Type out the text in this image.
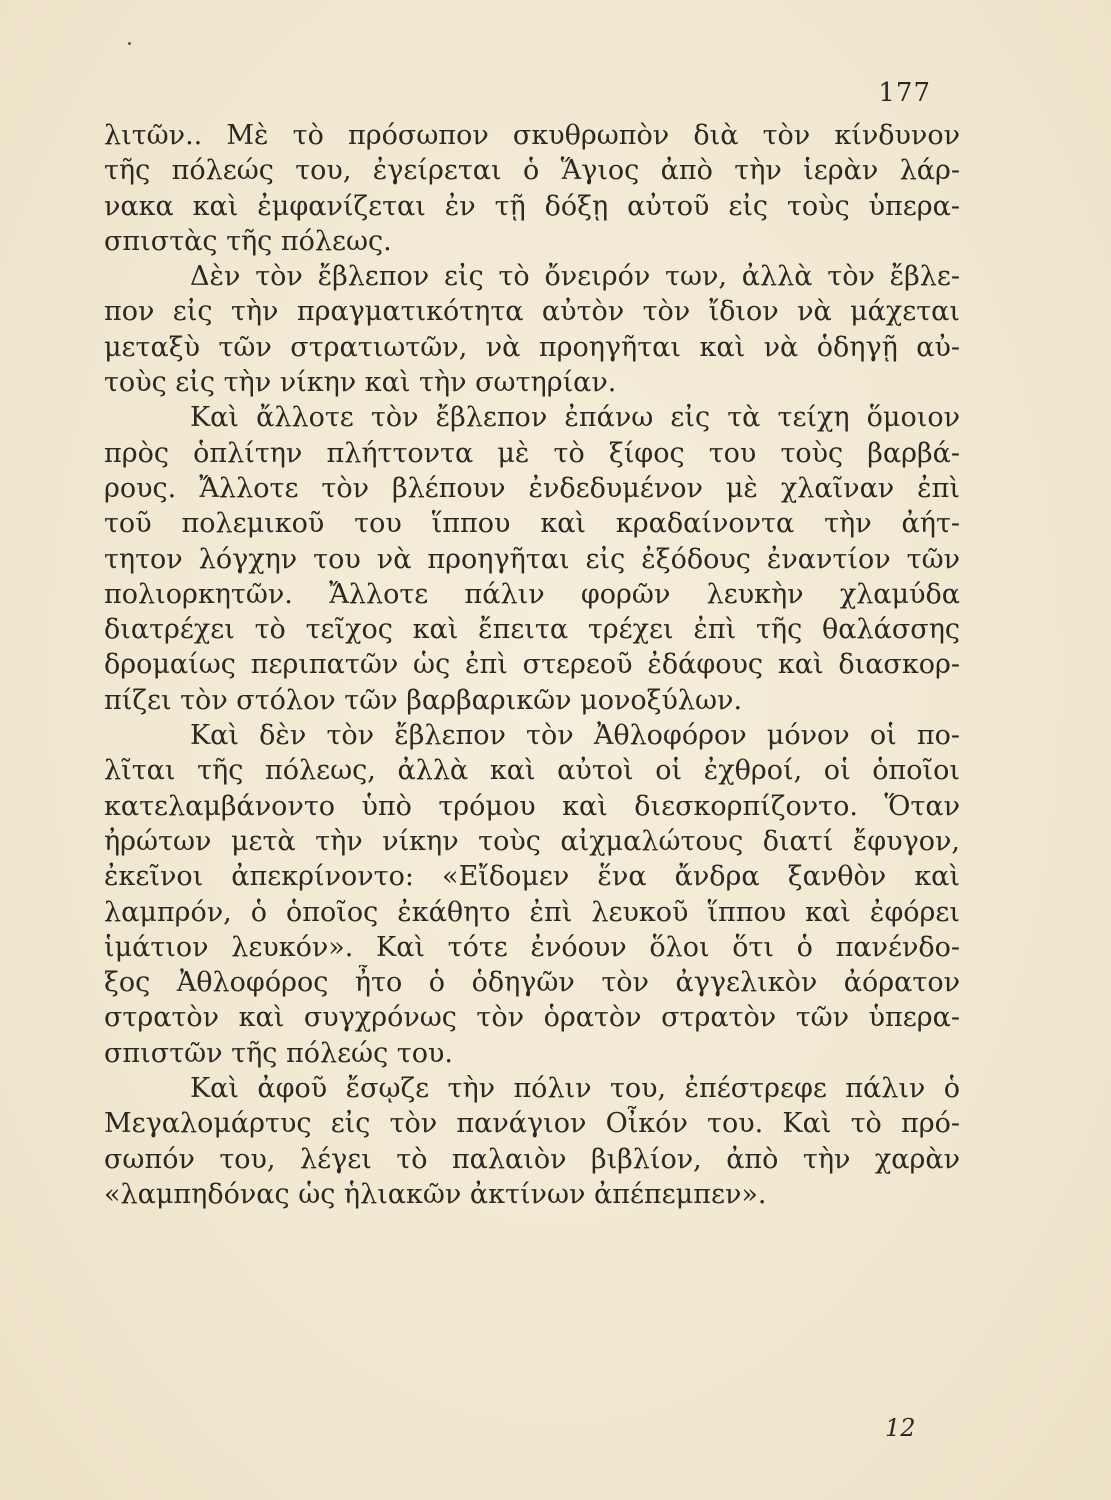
177
λιτῶν.. Μὲ τὸ πρόσωπον σκυθρωπὸν διὰ τὸν κίνδυνον
τῆς πόλεώς του, ἐγείρεται ὁ Ἅγιος ἀπὸ τὴν ἱερὰν λάρ-
νακα καὶ ἐμφανίζεται ἐν τῇ δόξῃ αὐτοῦ εἰς τοὺς ὑπερα-
σπιστὰς τῆς πόλεως.
Δὲν τὸν ἔβλεπον εἰς τὸ ὄνειρόν των, ἀλλὰ τὸν ἔβλε-
πον εἰς τὴν πραγματικότητα αὐτὸν τὸν ἴδιον νὰ μάχεται
μεταξὺ τῶν στρατιωτῶν, νὰ προηγῆται καὶ νὰ ὁδηγῇ αὐ-
τοὺς εἰς τὴν νίκην καὶ τὴν σωτηρίαν.
Καὶ ἄλλοτε τὸν ἔβλεπον ἐπάνω εἰς τὰ τείχη ὅμοιον
πρὸς ὁπλίτην πλήττοντα μὲ τὸ ξίφος του τοὺς βαρβά-
ρους. Ἄλλοτε τὸν βλέπουν ἐνδεδυμένον μὲ χλαῖναν ἐπὶ
τοῦ πολεμικοῦ του ἵππου καὶ κραδαίνοντα τὴν ἀήτ-
τητον λόγχην του νὰ προηγῆται εἰς ἐξόδους ἐναντίον τῶν
πολιορκητῶν. Ἄλλοτε πάλιν φορῶν λευκὴν χλαμύδα
διατρέχει τὸ τεῖχος καὶ ἔπειτα τρέχει ἐπὶ τῆς θαλάσσης
δρομαίως περιπατῶν ὡς ἐπὶ στερεοῦ ἐδάφους καὶ διασκορ-
πίζει τὸν στόλον τῶν βαρβαρικῶν μονοξύλων.
Καὶ δὲν τὸν ἔβλεπον τὸν Ἀθλοφόρον μόνον οἱ πο-
λῖται τῆς πόλεως, ἀλλὰ καὶ αὐτοὶ οἱ ἐχθροί, οἱ ὁποῖοι
κατελαμβάνοντο ὑπὸ τρόμου καὶ διεσκορπίζοντο. Ὅταν
ἠρώτων μετὰ τὴν νίκην τοὺς αἰχμαλώτους διατί ἔφυγον,
ἐκεῖνοι ἀπεκρίνοντο: «Εἴδομεν ἕνα ἄνδρα ξανθὸν καὶ
λαμπρόν, ὁ ὁποῖος ἐκάθητο ἐπὶ λευκοῦ ἵππου καὶ ἐφόρει
ἱμάτιον λευκόν». Καὶ τότε ἐνόουν ὅλοι ὅτι ὁ πανένδο-
ξος Ἀθλοφόρος ἦτο ὁ ὁδηγῶν τὸν ἀγγελικὸν ἀόρατον
στρατὸν καὶ συγχρόνως τὸν ὁρατὸν στρατὸν τῶν ὑπερα-
σπιστῶν τῆς πόλεώς του.
Καὶ ἀφοῦ ἔσῳζε τὴν πόλιν του, ἐπέστρεφε πάλιν ὁ
Μεγαλομάρτυς εἰς τὸν πανάγιον Οἶκόν του. Καὶ τὸ πρό-
σωπόν του, λέγει τὸ παλαιὸν βιβλίον, ἀπὸ τὴν χαρὰν
«λαμπηδόνας ὡς ἡλιακῶν ἀκτίνων ἀπέπεμπεν».
12
